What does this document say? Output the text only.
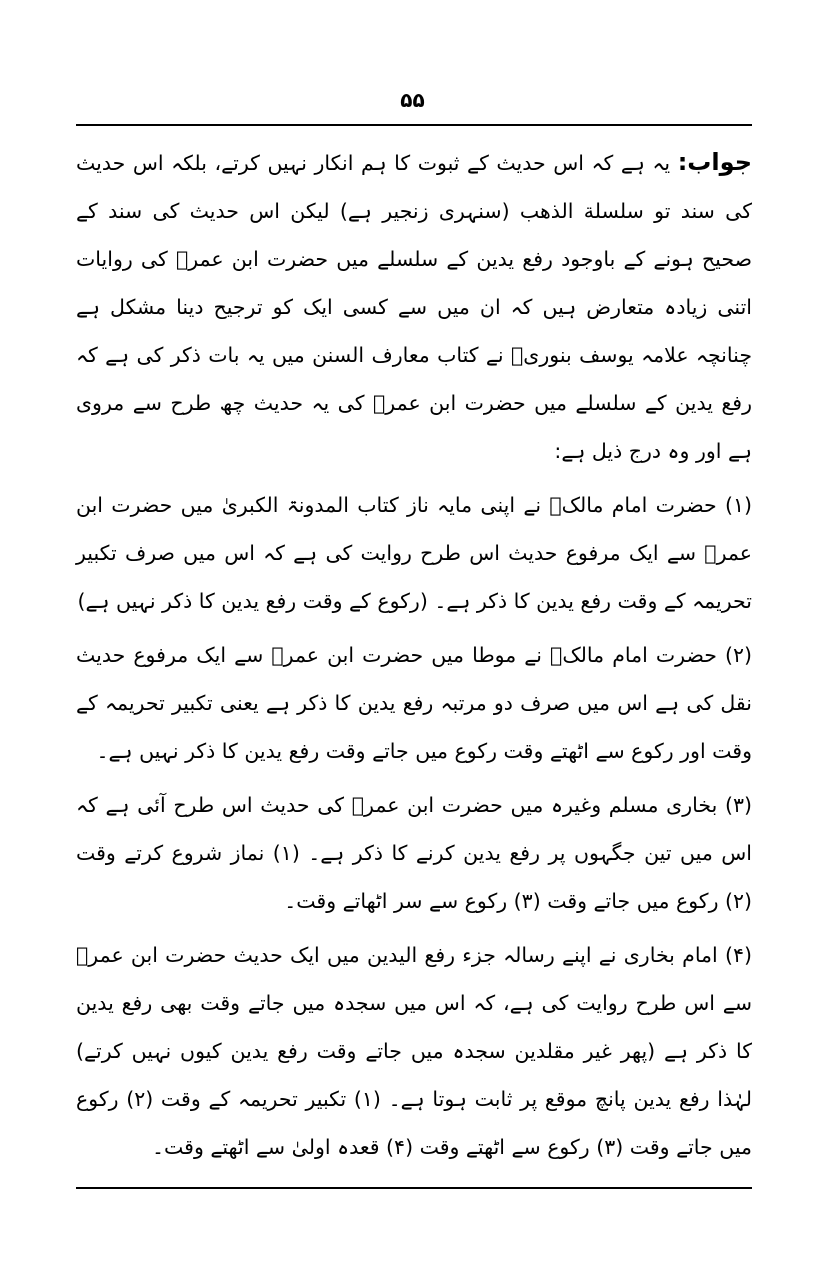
۵۵

جواب: یہ ہے کہ اس حدیث کے ثبوت کا ہم انکار نہیں کرتے، بلکہ اس حدیث کی سند تو سلسلة الذهب (سنہری زنجیر ہے) لیکن اس حدیث کی سند کے صحیح ہونے کے باوجود رفع یدین کے سلسلے میں حضرت ابن عمرؓ کی روایات اتنی زیادہ متعارض ہیں کہ ان میں سے کسی ایک کو ترجیح دینا مشکل ہے چنانچہ علامہ یوسف بنوریؒ نے کتاب معارف السنن میں یہ بات ذکر کی ہے کہ رفع یدین کے سلسلے میں حضرت ابن عمرؓ کی یہ حدیث چھ طرح سے مروی ہے اور وہ درج ذیل ہے:

(۱) حضرت امام مالکؒ نے اپنی مایہ ناز کتاب المدونۃ الکبریٰ میں حضرت ابن عمرؓ سے ایک مرفوع حدیث اس طرح روایت کی ہے کہ اس میں صرف تکبیر تحریمہ کے وقت رفع یدین کا ذکر ہے۔ (رکوع کے وقت رفع یدین کا ذکر نہیں ہے)

(۲) حضرت امام مالکؒ نے موطا میں حضرت ابن عمرؓ سے ایک مرفوع حدیث نقل کی ہے اس میں صرف دو مرتبہ رفع یدین کا ذکر ہے یعنی تکبیر تحریمہ کے وقت اور رکوع سے اٹھتے وقت رکوع میں جاتے وقت رفع یدین کا ذکر نہیں ہے۔

(۳) بخاری مسلم وغیرہ میں حضرت ابن عمرؓ کی حدیث اس طرح آئی ہے کہ اس میں تین جگہوں پر رفع یدین کرنے کا ذکر ہے۔ (۱) نماز شروع کرتے وقت (۲) رکوع میں جاتے وقت (۳) رکوع سے سر اٹھاتے وقت۔

(۴) امام بخاری نے اپنے رسالہ جزء رفع الیدین میں ایک حدیث حضرت ابن عمرؓ سے اس طرح روایت کی ہے، کہ اس میں سجدہ میں جاتے وقت بھی رفع یدین کا ذکر ہے (پھر غیر مقلدین سجدہ میں جاتے وقت رفع یدین کیوں نہیں کرتے) لہٰذا رفع یدین پانچ موقع پر ثابت ہوتا ہے۔ (۱) تکبیر تحریمہ کے وقت (۲) رکوع میں جاتے وقت (۳) رکوع سے اٹھتے وقت (۴) قعدہ اولیٰ سے اٹھتے وقت۔
